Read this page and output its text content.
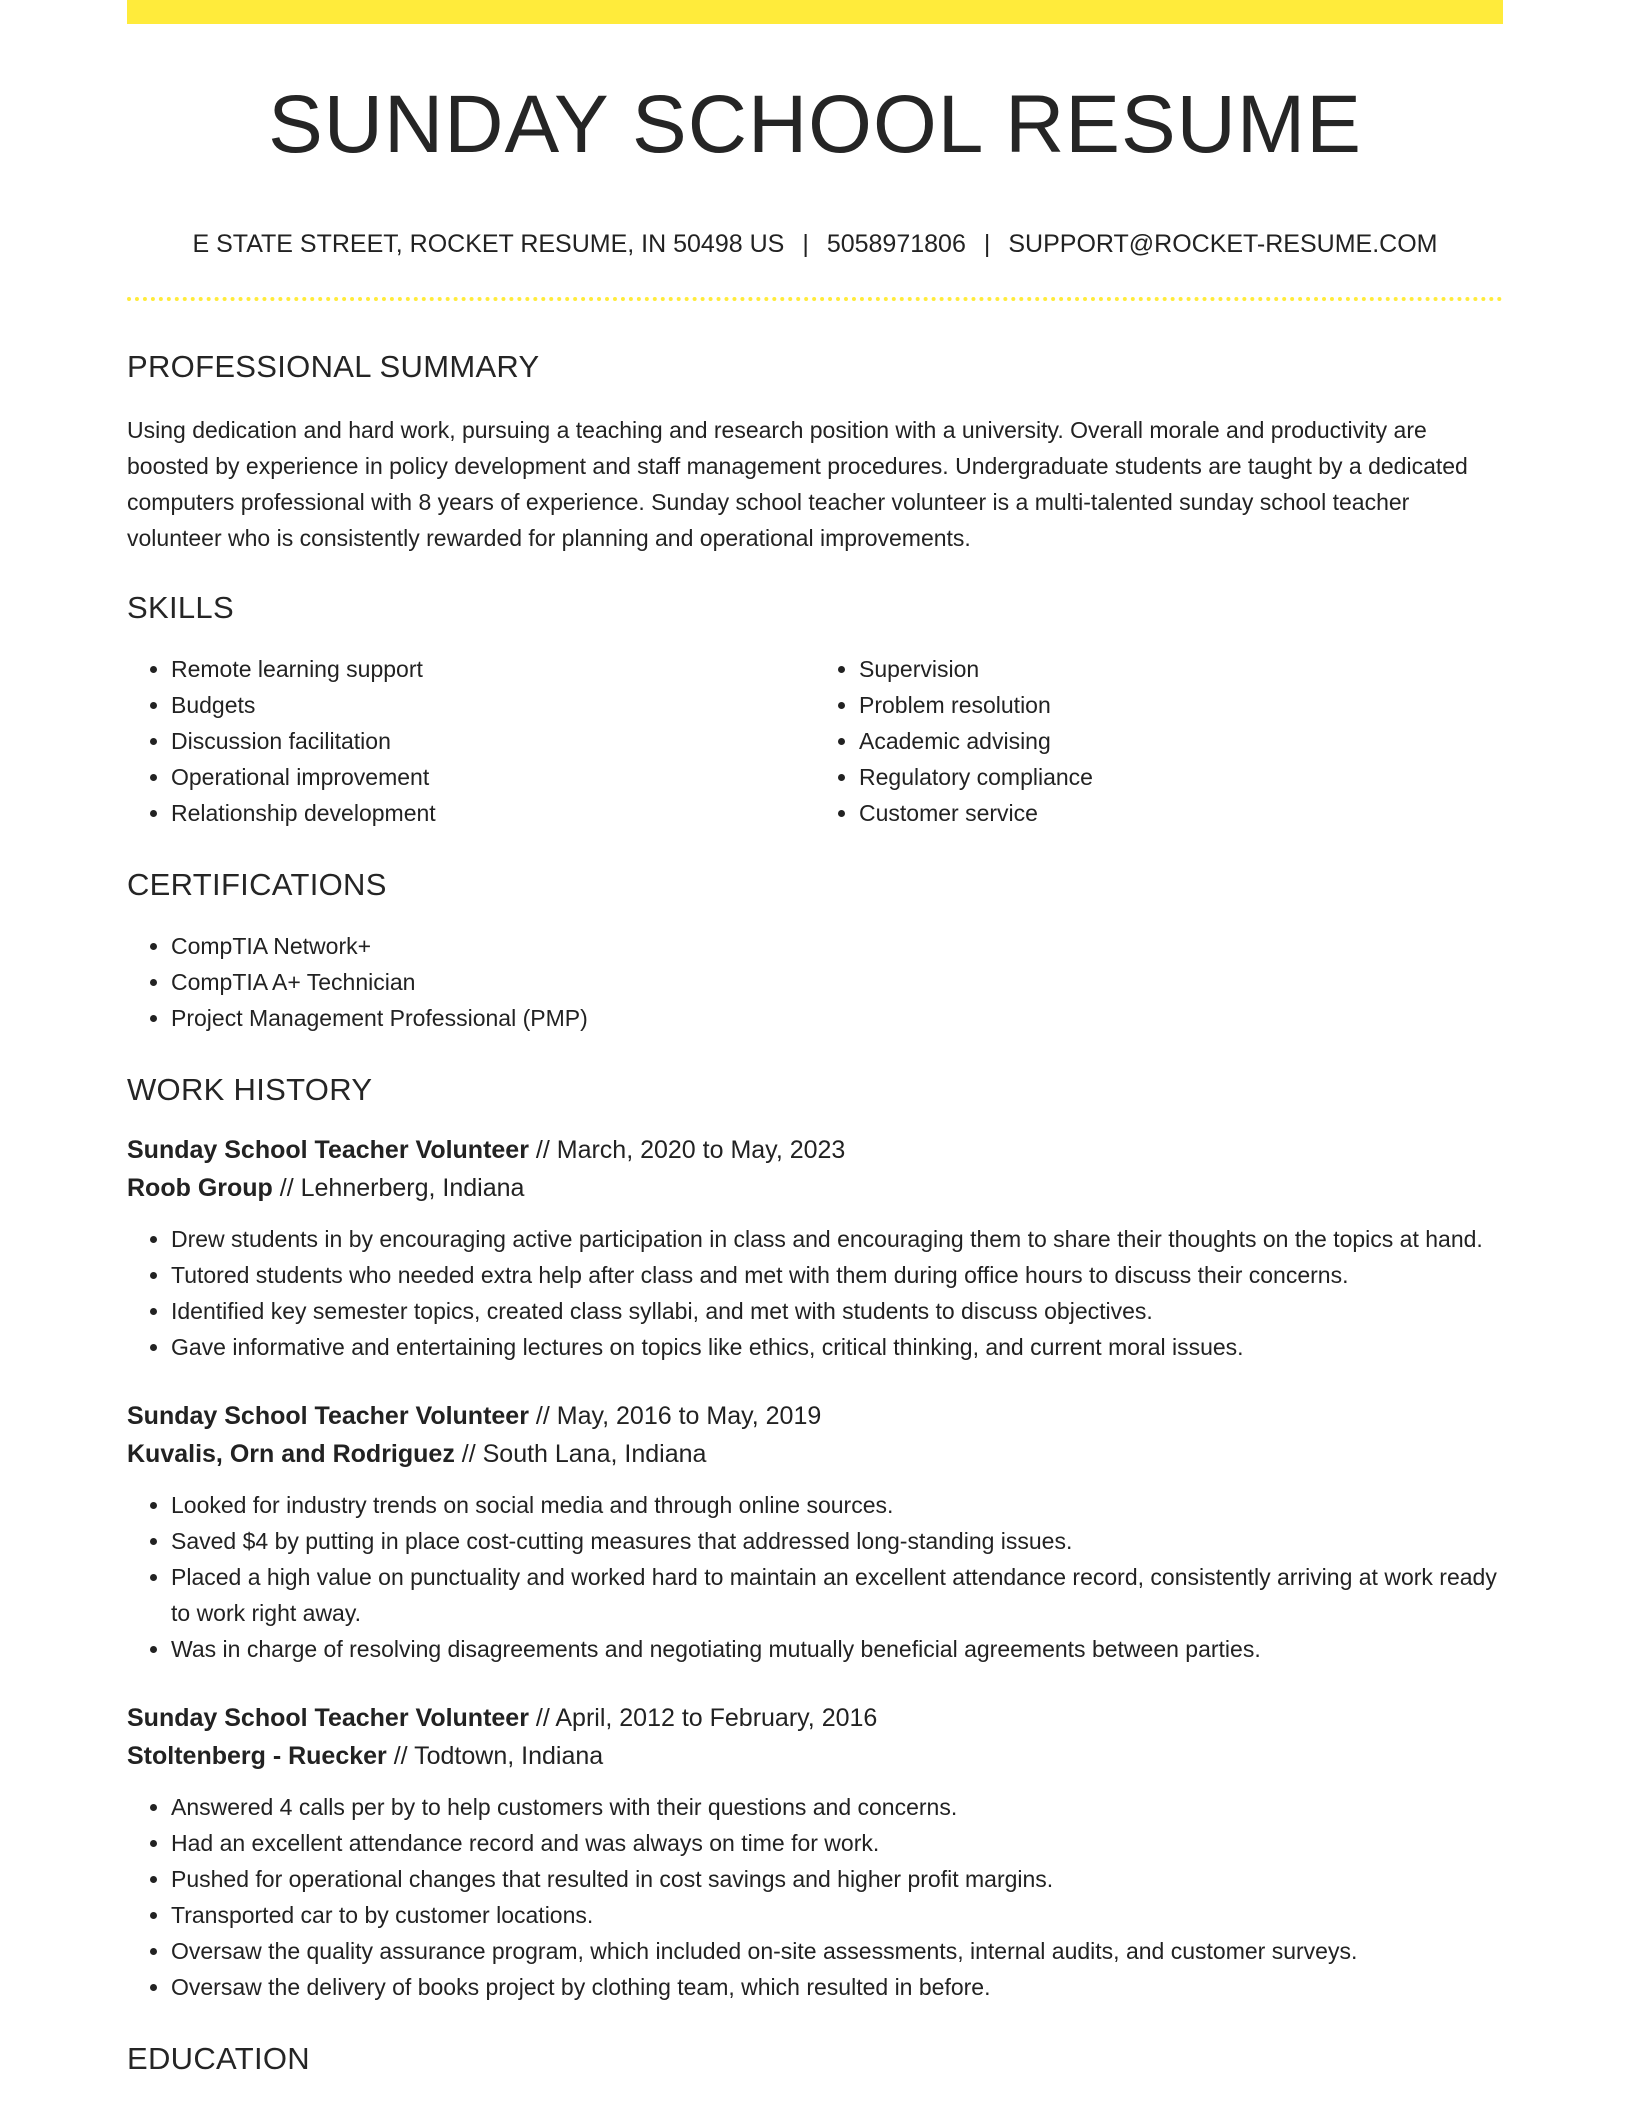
SUNDAY SCHOOL RESUME
E STATE STREET, ROCKET RESUME, IN 50498 US | 5058971806 | SUPPORT@ROCKET-RESUME.COM
PROFESSIONAL SUMMARY

Using dedication and hard work, pursuing a teaching and research position with a university. Overall morale and productivity are boosted by experience in policy development and staff management procedures. Undergraduate students are taught by a dedicated computers professional with 8 years of experience. Sunday school teacher volunteer is a multi-talented sunday school teacher volunteer who is consistently rewarded for planning and operational improvements.

SKILLS
• Remote learning support
• Budgets
• Discussion facilitation
• Operational improvement
• Relationship development
• Supervision
• Problem resolution
• Academic advising
• Regulatory compliance
• Customer service
CERTIFICATIONS
• CompTIA Network+
• CompTIA A+ Technician
• Project Management Professional (PMP)
WORK HISTORY
Sunday School Teacher Volunteer // March, 2020 to May, 2023
Roob Group // Lehnerberg, Indiana
• Drew students in by encouraging active participation in class and encouraging them to share their thoughts on the topics at hand.
• Tutored students who needed extra help after class and met with them during office hours to discuss their concerns.
• Identified key semester topics, created class syllabi, and met with students to discuss objectives.
• Gave informative and entertaining lectures on topics like ethics, critical thinking, and current moral issues.
Sunday School Teacher Volunteer // May, 2016 to May, 2019
Kuvalis, Orn and Rodriguez // South Lana, Indiana
• Looked for industry trends on social media and through online sources.
• Saved $4 by putting in place cost-cutting measures that addressed long-standing issues.
• Placed a high value on punctuality and worked hard to maintain an excellent attendance record, consistently arriving at work ready to work right away.
• Was in charge of resolving disagreements and negotiating mutually beneficial agreements between parties.
Sunday School Teacher Volunteer // April, 2012 to February, 2016
Stoltenberg - Ruecker // Todtown, Indiana
• Answered 4 calls per by to help customers with their questions and concerns.
• Had an excellent attendance record and was always on time for work.
• Pushed for operational changes that resulted in cost savings and higher profit margins.
• Transported car to by customer locations.
• Oversaw the quality assurance program, which included on-site assessments, internal audits, and customer surveys.
• Oversaw the delivery of books project by clothing team, which resulted in before.
EDUCATION
